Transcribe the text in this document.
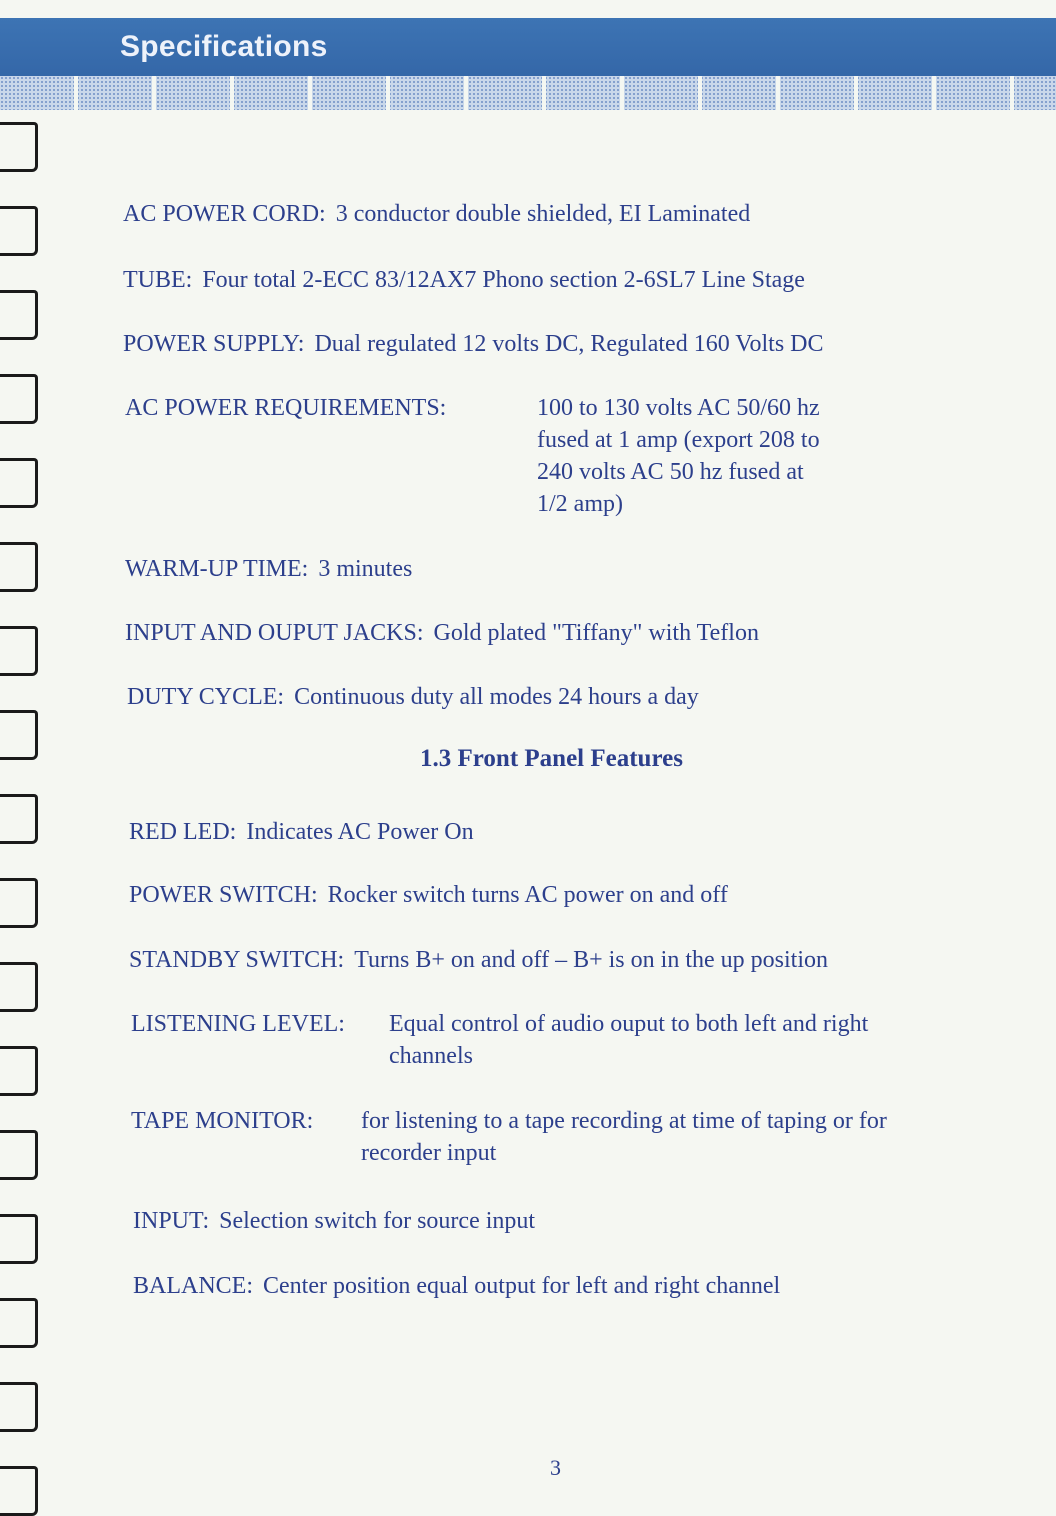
Specifications
AC POWER CORD: 3 conductor double shielded, EI Laminated
TUBE: Four total 2-ECC 83/12AX7 Phono section 2-6SL7 Line Stage
POWER SUPPLY: Dual regulated 12 volts DC, Regulated 160 Volts DC
AC POWER REQUIREMENTS:	100 to 130 volts AC 50/60 hz
fused at 1 amp (export 208 to
240 volts AC 50 hz fused at
1/2 amp)
WARM-UP TIME: 3 minutes
INPUT AND OUPUT JACKS: Gold plated "Tiffany" with Teflon
DUTY CYCLE: Continuous duty all modes 24 hours a day
1.3 Front Panel Features
RED LED: Indicates AC Power On
POWER SWITCH: Rocker switch turns AC power on and off
STANDBY SWITCH: Turns B+ on and off – B+ is on in the up position
LISTENING LEVEL: Equal control of audio ouput to both left and right
channels
TAPE MONITOR: for listening to a tape recording at time of taping or for
recorder input
INPUT: Selection switch for source input
BALANCE: Center position equal output for left and right channel
3
